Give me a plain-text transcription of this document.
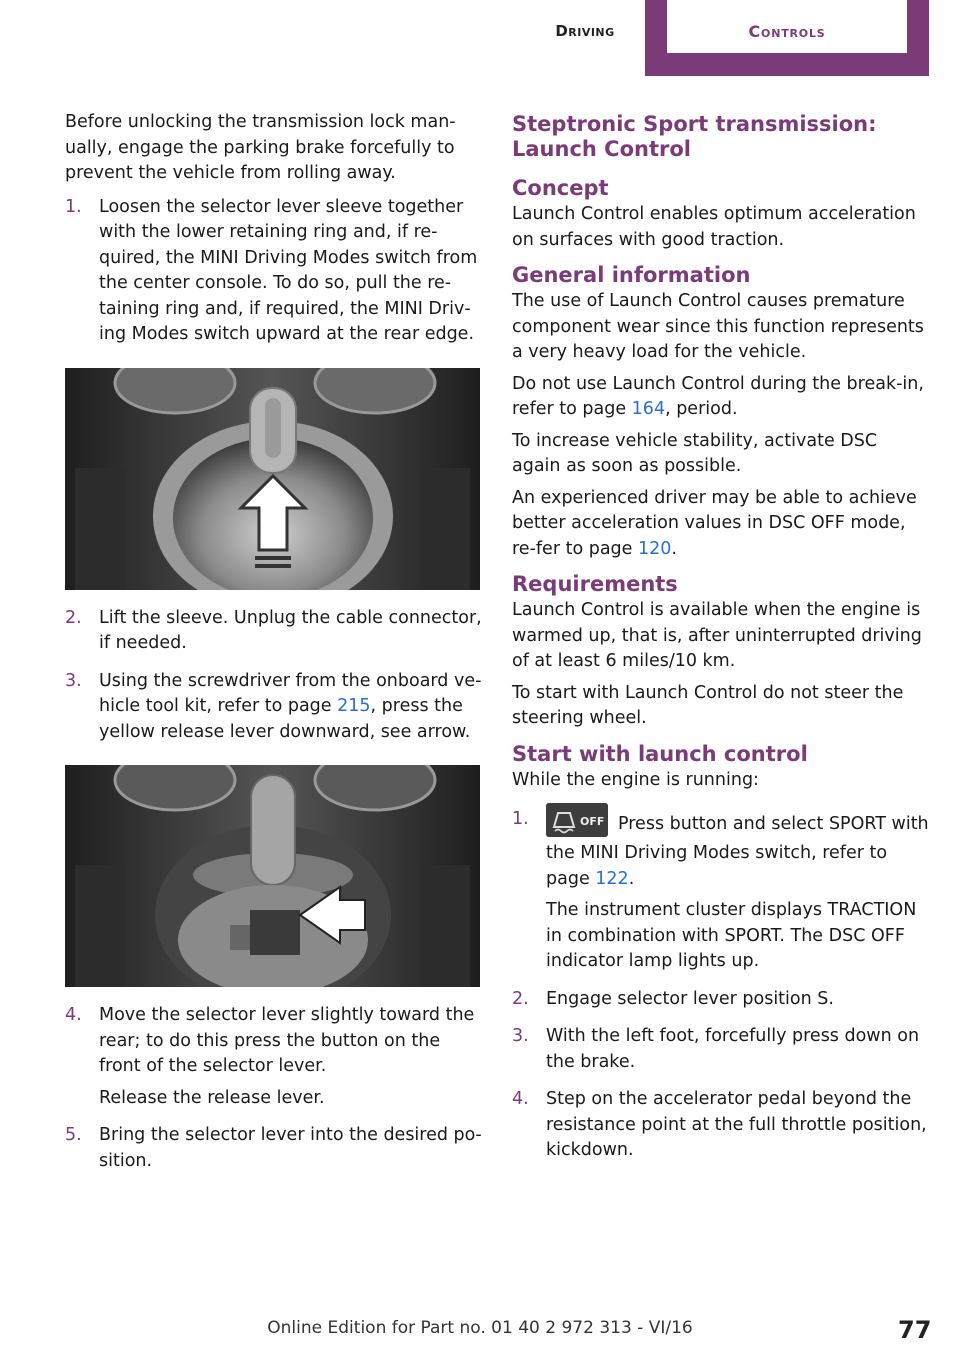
Driving	Controls

Before unlocking the transmission lock man‐ually, engage the parking brake forcefully to prevent the vehicle from rolling away.

1. Loosen the selector lever sleeve together with the lower retaining ring and, if re‐quired, the MINI Driving Modes switch from the center console. To do so, pull the re‐taining ring and, if required, the MINI Driv‐ing Modes switch upward at the rear edge.

2. Lift the sleeve. Unplug the cable connector, if needed.

3. Using the screwdriver from the onboard ve‐hicle tool kit, refer to page 215, press the yellow release lever downward, see arrow.

4. Move the selector lever slightly toward the rear; to do this press the button on the front of the selector lever.

Release the release lever.

5. Bring the selector lever into the desired po‐sition.

Steptronic Sport transmission: Launch Control
Concept

Launch Control enables optimum acceleration on surfaces with good traction.

General information

The use of Launch Control causes premature component wear since this function represents a very heavy load for the vehicle.

Do not use Launch Control during the break-in, refer to page 164, period.

To increase vehicle stability, activate DSC again as soon as possible.

An experienced driver may be able to achieve better acceleration values in DSC OFF mode, re‐fer to page 120.

Requirements

Launch Control is available when the engine is warmed up, that is, after uninterrupted driving of at least 6 miles/10 km.

To start with Launch Control do not steer the steering wheel.

Start with launch control

While the engine is running:

1.	OFF Press button and select SPORT with the MINI Driving Modes switch, refer to page 122.

The instrument cluster displays TRACTION in combination with SPORT. The DSC OFF indicator lamp lights up.

2. Engage selector lever position S.

3. With the left foot, forcefully press down on the brake.

4. Step on the accelerator pedal beyond the resistance point at the full throttle position, kickdown.

Online Edition for Part no. 01 40 2 972 313 - VI/16	77
